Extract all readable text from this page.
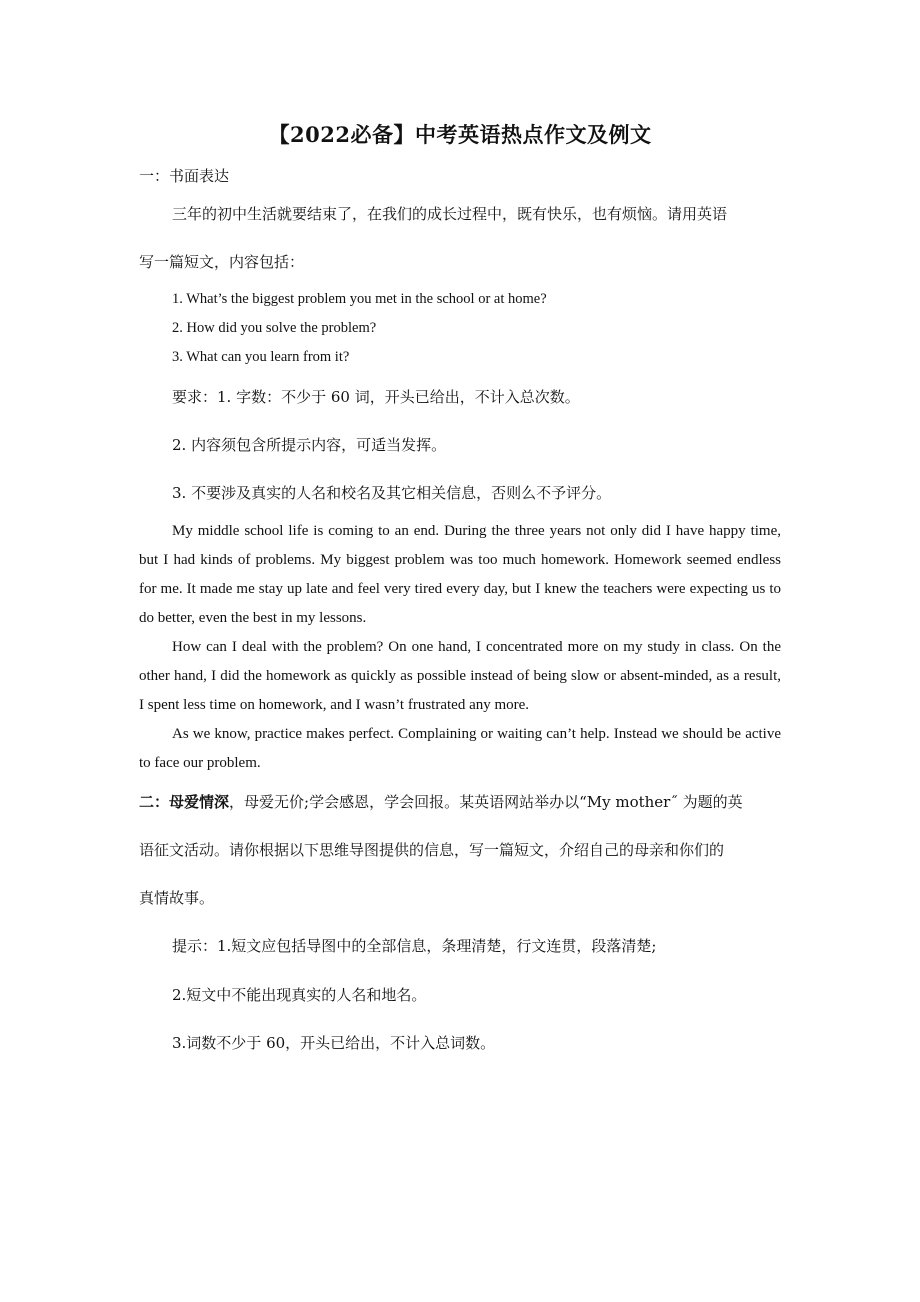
【2022必备】中考英语热点作文及例文
一：书面表达
三年的初中生活就要结束了，在我们的成长过程中，既有快乐，也有烦恼。请用英语
写一篇短文，内容包括：
1. What’s the biggest problem you met in the school or at home?
2. How did you solve the problem?
3. What can you learn from it?
要求：1. 字数：不少于 60 词，开头已给出，不计入总次数。
2. 内容须包含所提示内容，可适当发挥。
3. 不要涉及真实的人名和校名及其它相关信息，否则么不予评分。
My middle school life is coming to an end. During the three years not only did I have happy time, but I had kinds of problems. My biggest problem was too much homework. Homework seemed endless for me. It made me stay up late and feel very tired every day, but I knew the teachers were expecting us to do better, even the best in my lessons.
How can I deal with the problem? On one hand, I concentrated more on my study in class. On the other hand, I did the homework as quickly as possible instead of being slow or absent-minded, as a result, I spent less time on homework, and I wasn’t frustrated any more.
As we know, practice makes perfect. Complaining or waiting can’t help. Instead we should be active to face our problem.
二：母爱情深，母爱无价;学会感恩，学会回报。某英语网站举办以“My mother˝ 为题的英
语征文活动。请你根据以下思维导图提供的信息，写一篇短文，介绍自己的母亲和你们的
真情故事。
提示：1.短文应包括导图中的全部信息，条理清楚，行文连贯，段落清楚;
2.短文中不能出现真实的人名和地名。
3.词数不少于 60，开头已给出，不计入总词数。
